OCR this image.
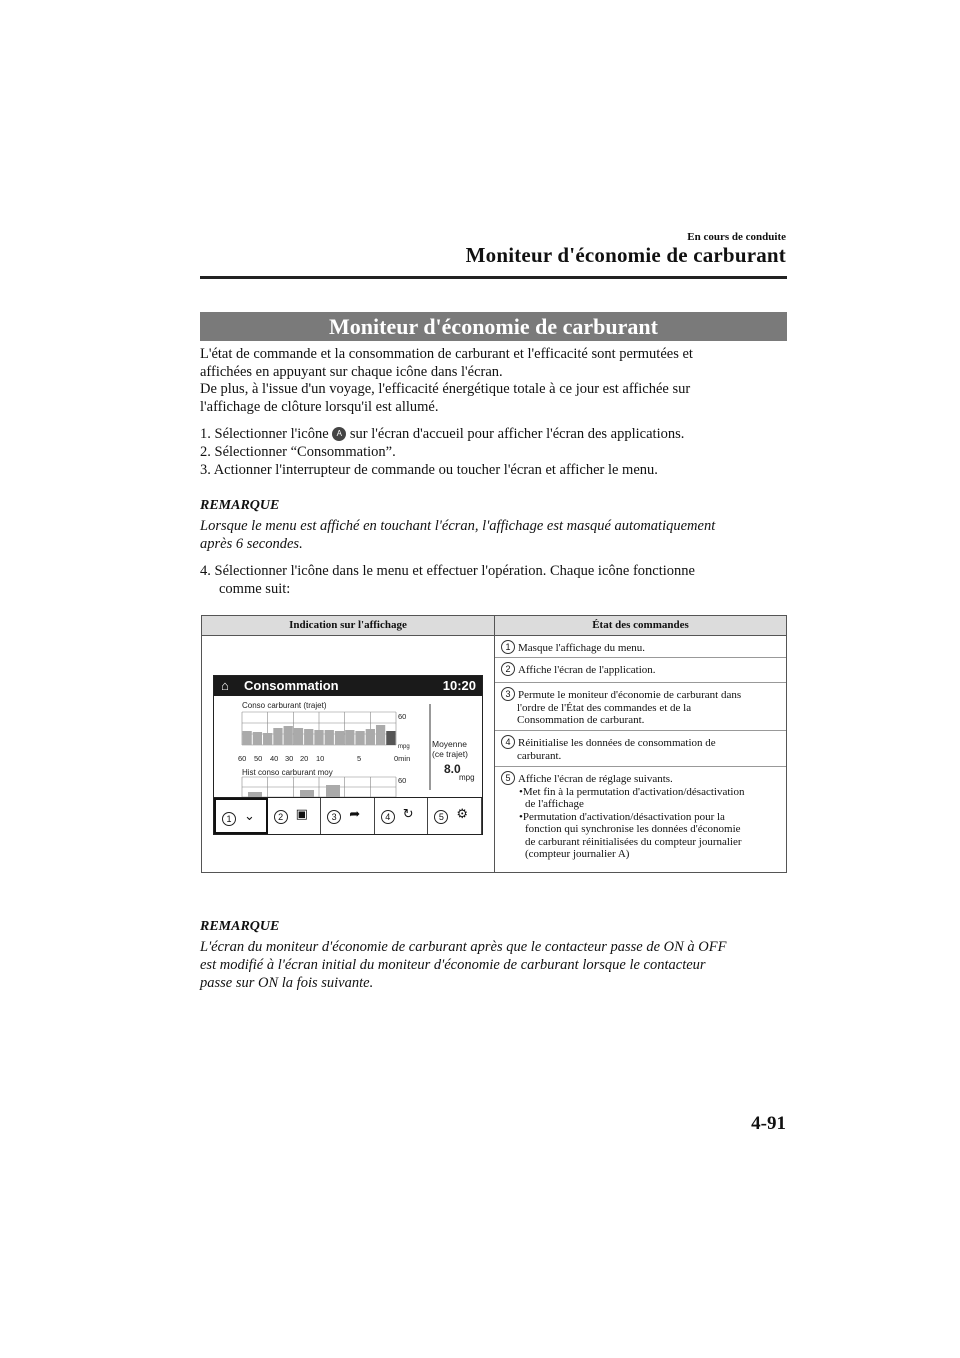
En cours de conduite
Moniteur d'économie de carburant
Moniteur d'économie de carburant
L'état de commande et la consommation de carburant et l'efficacité sont permutées et
affichées en appuyant sur chaque icône dans l'écran.
De plus, à l'issue d'un voyage, l'efficacité énergétique totale à ce jour est affichée sur
l'affichage de clôture lorsqu'il est allumé.
1. Sélectionner l'icône A sur l'écran d'accueil pour afficher l'écran des applications.
2. Sélectionner “Consommation”.
3. Actionner l'interrupteur de commande ou toucher l'écran et afficher le menu.
REMARQUE
Lorsque le menu est affiché en touchant l'écran, l'affichage est masqué automatiquement
après 6 secondes.
4. Sélectionner l'icône dans le menu et effectuer l'opération. Chaque icône fonctionne
comme suit:
Indication sur l'affichage	État des commandes
1 Masque l'affichage du menu.
2 Affiche l'écran de l'application.
3 Permute le moniteur d'économie de carburant dans
l'ordre de l'État des commandes et de la
Consommation de carburant.
4 Réinitialise les données de consommation de
carburant.
5 Affiche l'écran de réglage suivants.
•Met fin à la permutation d'activation/désactivation
de l'affichage
•Permutation d'activation/désactivation pour la
fonction qui synchronise les données d'économie
de carburant réinitialisées du compteur journalier
(compteur journalier A)
⌂ Consommation	10:20
Conso carburant (trajet)
60
mpg
60 50 40 30 20 10	5	0min
Moyenne
(ce trajet)
8.0
mpg
Hist conso carburant moy
60
1 ⌄	2 ▣	3 ➦	4 ↻	5 ⚙
REMARQUE
L'écran du moniteur d'économie de carburant après que le contacteur passe de ON à OFF
est modifié à l'écran initial du moniteur d'économie de carburant lorsque le contacteur
passe sur ON la fois suivante.
4-91
